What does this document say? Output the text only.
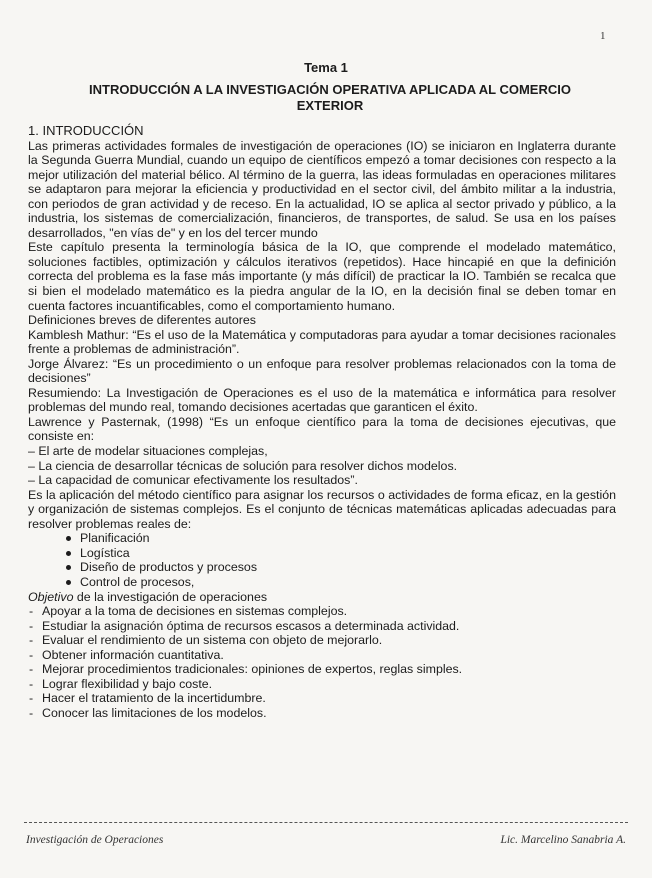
1
Tema 1
INTRODUCCIÓN A LA INVESTIGACIÓN OPERATIVA APLICADA AL COMERCIO EXTERIOR
1. INTRODUCCIÓN

Las primeras actividades formales de investigación de operaciones (IO) se iniciaron en Inglaterra durante la Segunda Guerra Mundial, cuando un equipo de científicos empezó a tomar decisiones con respecto a la mejor utilización del material bélico. Al término de la guerra, las ideas formuladas en operaciones militares se adaptaron para mejorar la eficiencia y productividad en el sector civil, del ámbito militar a la industria, con periodos de gran actividad y de receso. En la actualidad, IO se aplica al sector privado y público, a la industria, los sistemas de comercialización, financieros, de transportes, de salud. Se usa en los países desarrollados, "en vías de" y en los del tercer mundo

Este capítulo presenta la terminología básica de la IO, que comprende el modelado matemático, soluciones factibles, optimización y cálculos iterativos (repetidos). Hace hincapié en que la definición correcta del problema es la fase más importante (y más difícil) de practicar la IO. También se recalca que si bien el modelado matemático es la piedra angular de la IO, en la decisión final se deben tomar en cuenta factores incuantificables, como el comportamiento humano.

Definiciones breves de diferentes autores

Kamblesh Mathur: “Es el uso de la Matemática y computadoras para ayudar a tomar decisiones racionales frente a problemas de administración”.

Jorge Álvarez: “Es un procedimiento o un enfoque para resolver problemas relacionados con la toma de decisiones”

Resumiendo: La Investigación de Operaciones es el uso de la matemática e informática para resolver problemas del mundo real, tomando decisiones acertadas que garanticen el éxito.

Lawrence y Pasternak, (1998) “Es un enfoque científico para la toma de decisiones ejecutivas, que consiste en:

– El arte de modelar situaciones complejas,
– La ciencia de desarrollar técnicas de solución para resolver dichos modelos.
– La capacidad de comunicar efectivamente los resultados”.

Es la aplicación del método científico para asignar los recursos o actividades de forma eficaz, en la gestión y organización de sistemas complejos. Es el conjunto de técnicas matemáticas aplicadas adecuadas para resolver problemas reales de:

Planificación
Logística
Diseño de productos y procesos
Control de procesos,
Objetivo de la investigación de operaciones
- Apoyar a la toma de decisiones en sistemas complejos.
- Estudiar la asignación óptima de recursos escasos a determinada actividad.
- Evaluar el rendimiento de un sistema con objeto de mejorarlo.
- Obtener información cuantitativa.
- Mejorar procedimientos tradicionales: opiniones de expertos, reglas simples.
- Lograr flexibilidad y bajo coste.
- Hacer el tratamiento de la incertidumbre.
- Conocer las limitaciones de los modelos.
Investigación de Operaciones	Lic. Marcelino Sanabria A.
